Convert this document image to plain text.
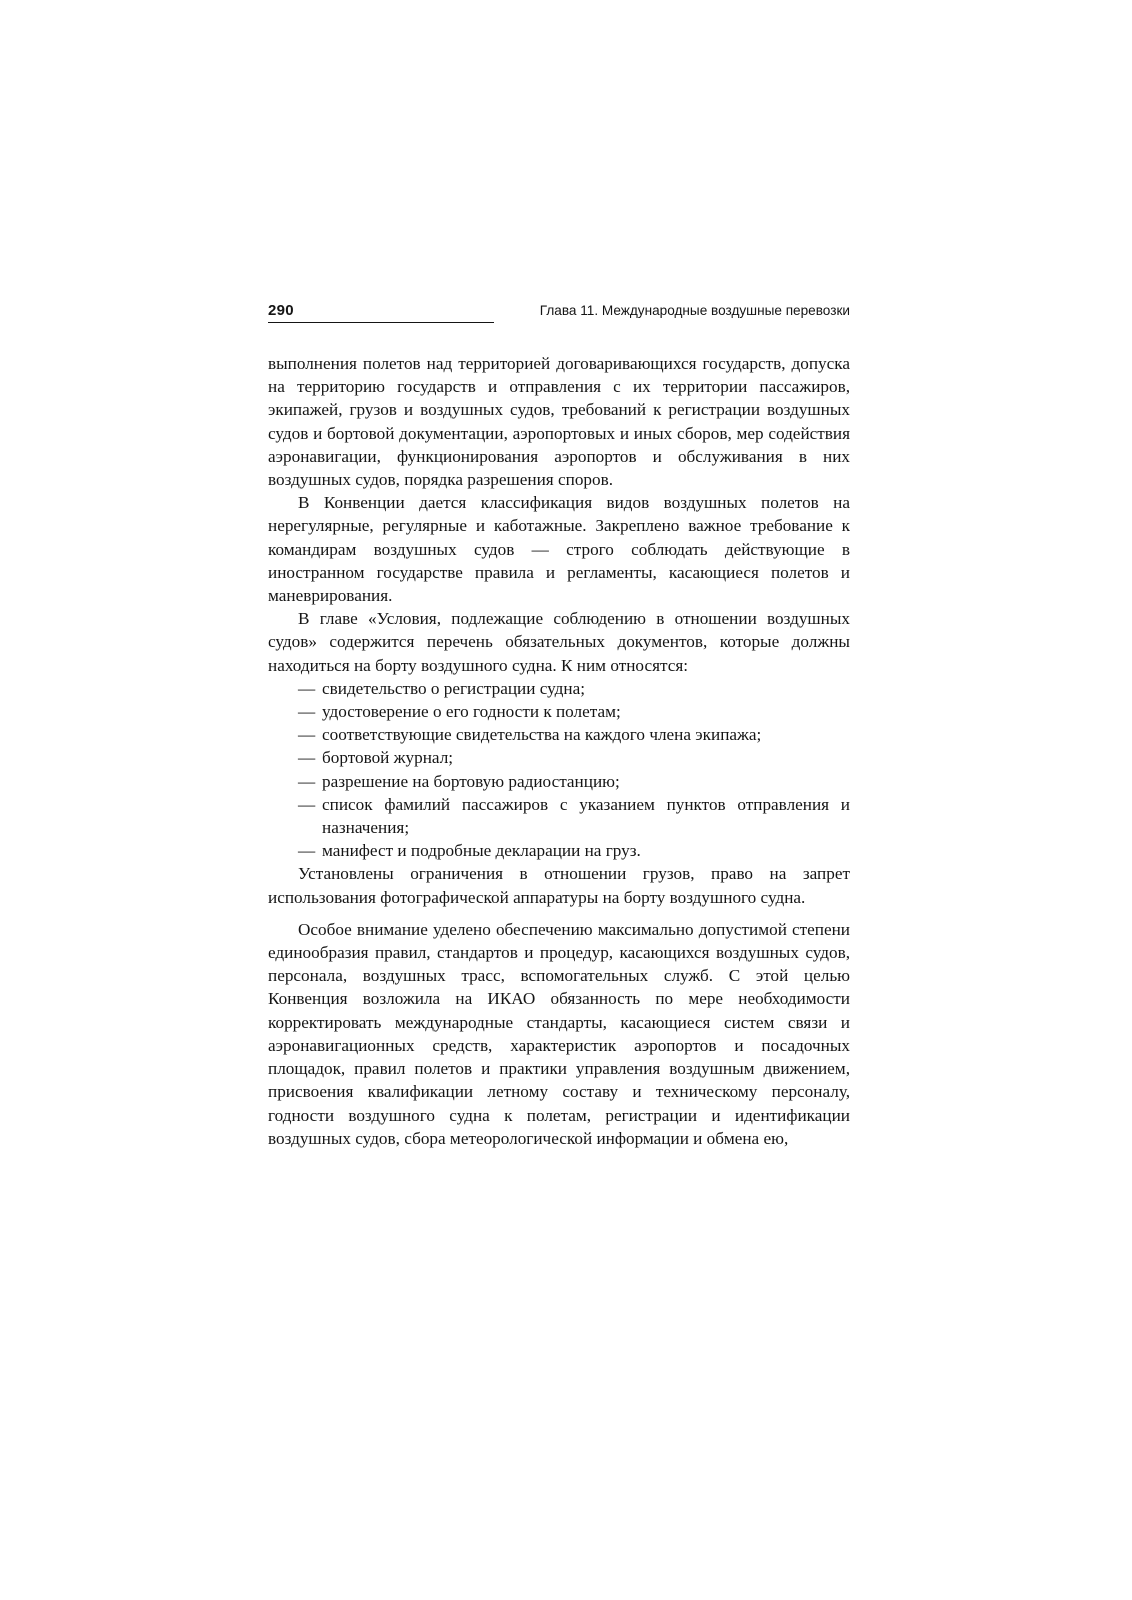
290	Глава 11. Международные воздушные перевозки

выполнения полетов над территорией договаривающихся государств, допуска на территорию государств и отправления с их территории пассажиров, экипажей, грузов и воздушных судов, требований к регистрации воздушных судов и бортовой документации, аэропортовых и иных сборов, мер содействия аэронавигации, функционирования аэропортов и обслуживания в них воздушных судов, порядка разрешения споров.

В Конвенции дается классификация видов воздушных полетов на нерегулярные, регулярные и каботажные. Закреплено важное требование к командирам воздушных судов — строго соблюдать действующие в иностранном государстве правила и регламенты, касающиеся полетов и маневрирования.

В главе «Условия, подлежащие соблюдению в отношении воздушных судов» содержится перечень обязательных документов, которые должны находиться на борту воздушного судна. К ним относятся:

— свидетельство о регистрации судна;
— удостоверение о его годности к полетам;
— соответствующие свидетельства на каждого члена экипажа;
— бортовой журнал;
— разрешение на бортовую радиостанцию;
— список фамилий пассажиров с указанием пунктов отправления и назначения;
— манифест и подробные декларации на груз.

Установлены ограничения в отношении грузов, право на запрет использования фотографической аппаратуры на борту воздушного судна.

Особое внимание уделено обеспечению максимально допустимой степени единообразия правил, стандартов и процедур, касающихся воздушных судов, персонала, воздушных трасс, вспомогательных служб. С этой целью Конвенция возложила на ИКАО обязанность по мере необходимости корректировать международные стандарты, касающиеся систем связи и аэронавигационных средств, характеристик аэропортов и посадочных площадок, правил полетов и практики управления воздушным движением, присвоения квалификации летному составу и техническому персоналу, годности воздушного судна к полетам, регистрации и идентификации воздушных судов, сбора метеорологической информации и обмена ею,
